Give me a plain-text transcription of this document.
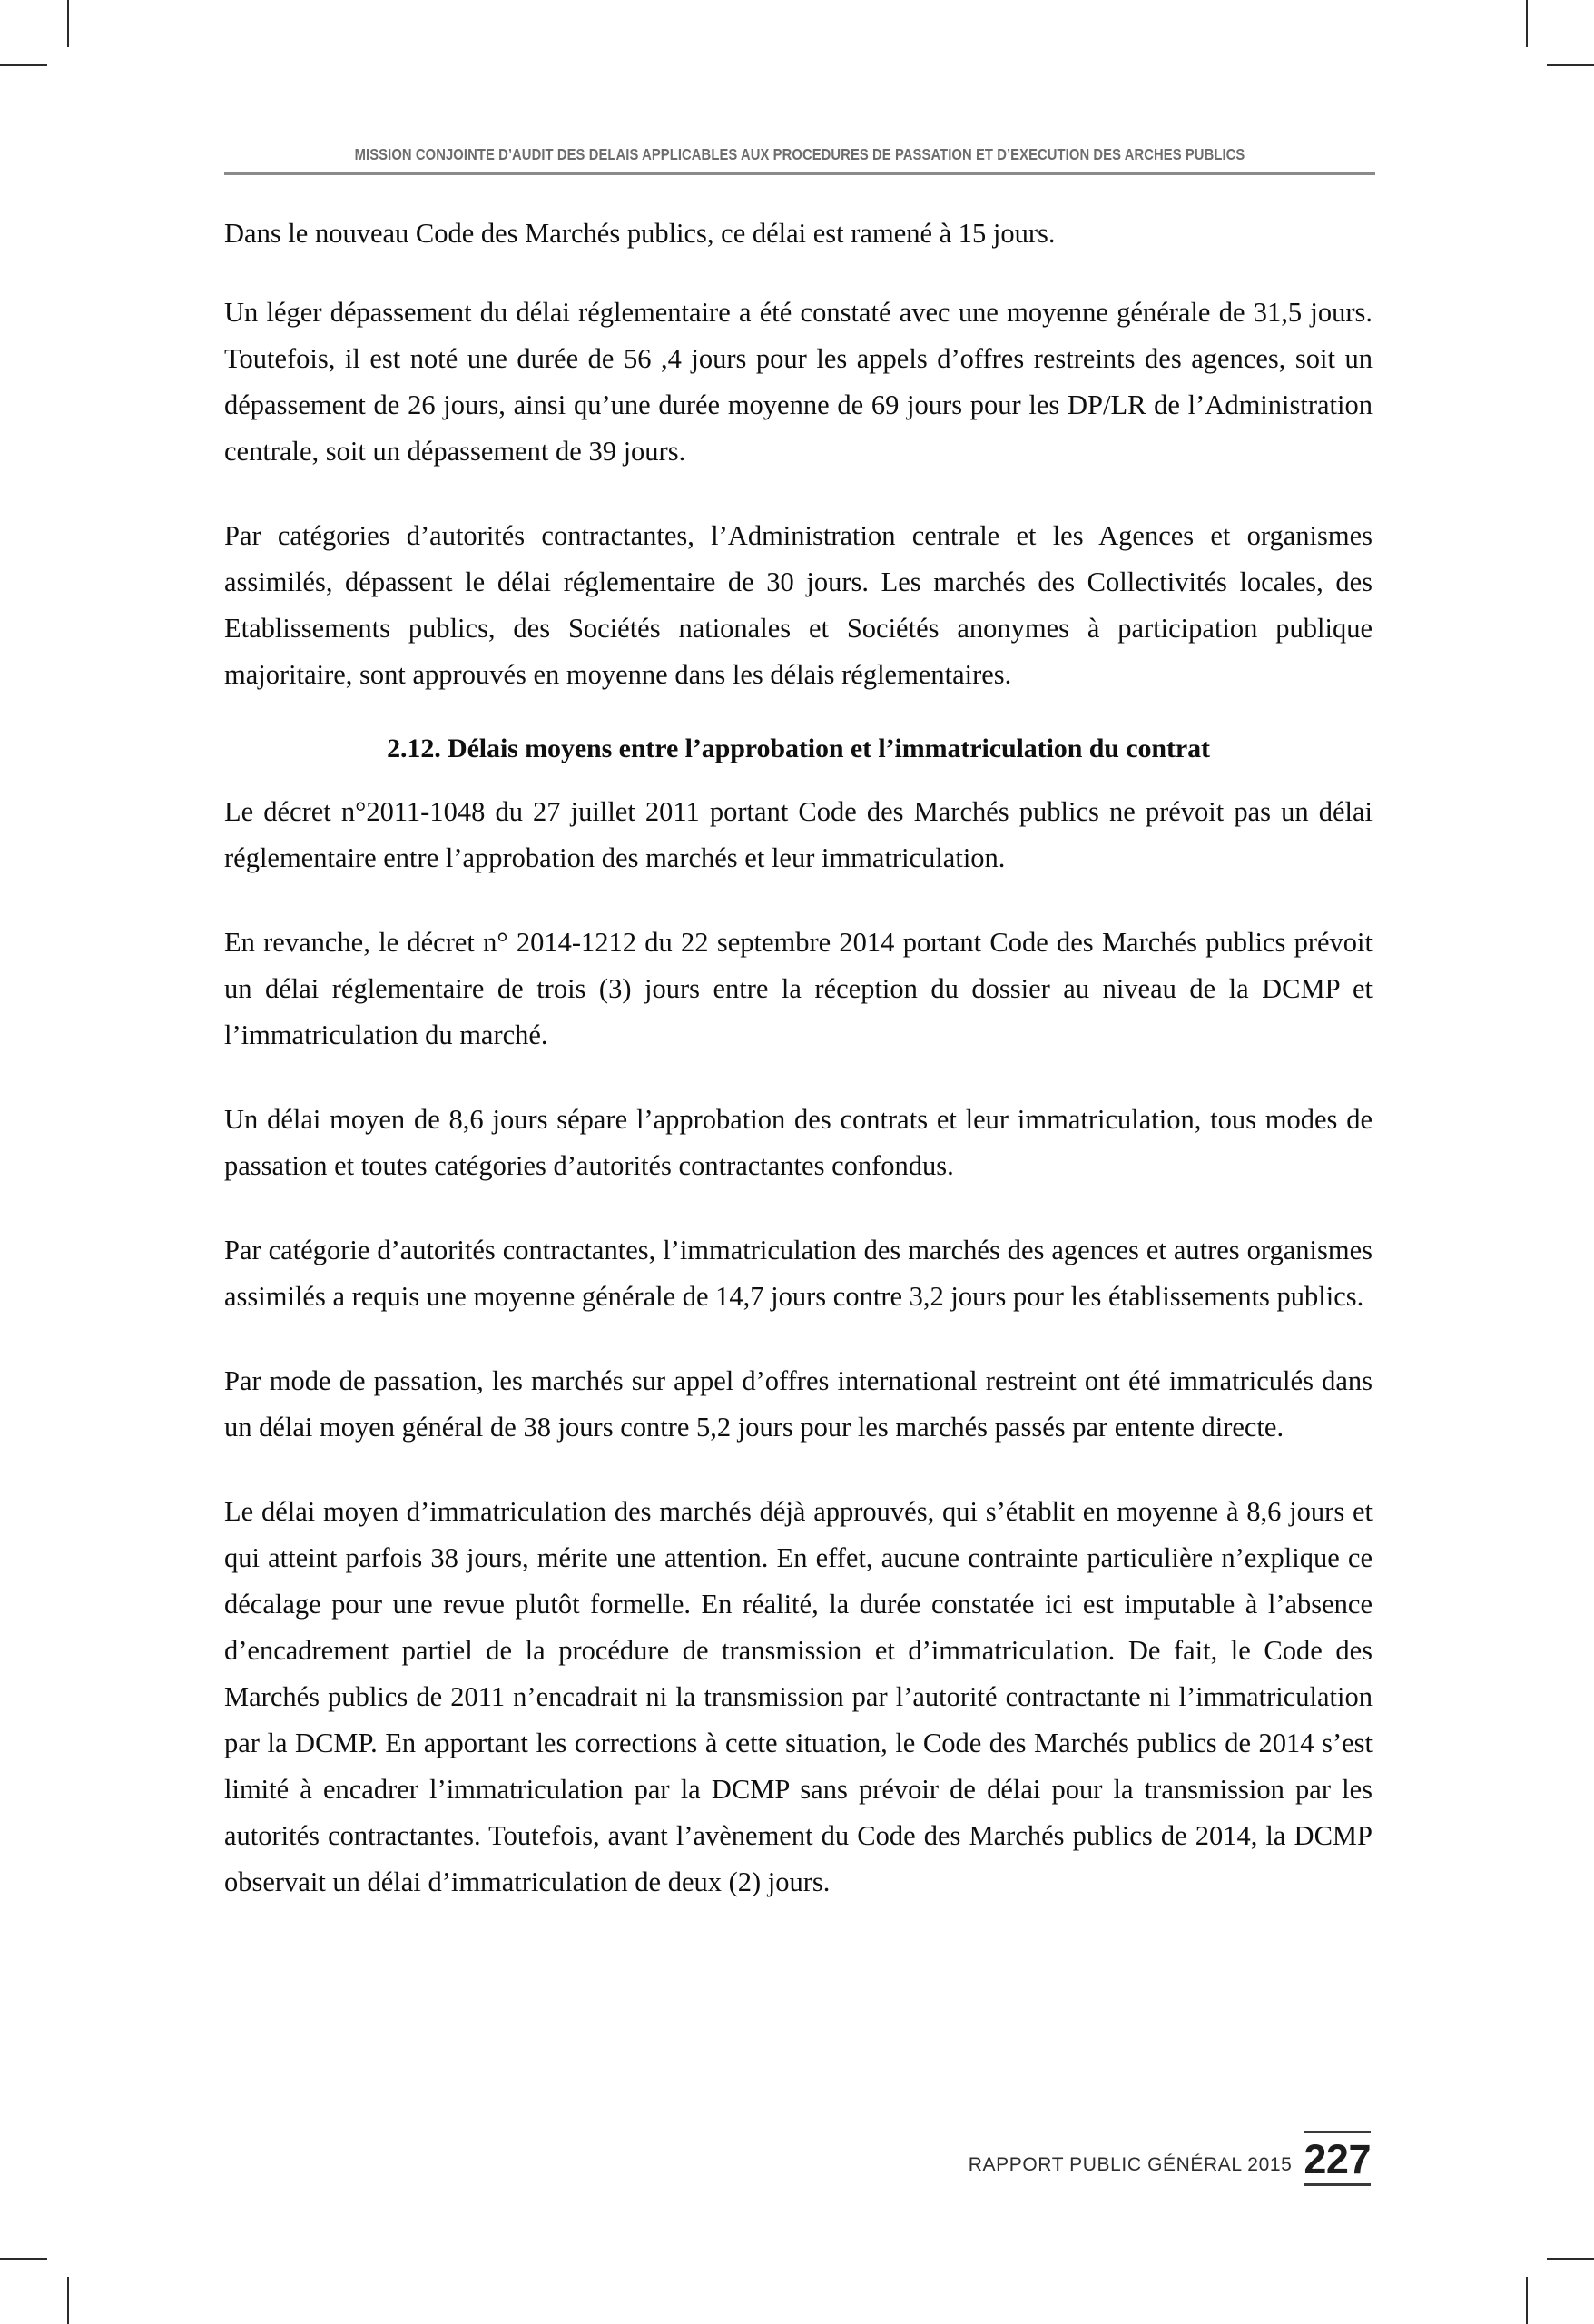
MISSION CONJOINTE D’AUDIT DES DELAIS APPLICABLES AUX PROCEDURES DE PASSATION ET D’EXECUTION DES ARCHES PUBLICS

Dans le nouveau Code des Marchés publics, ce délai est ramené à 15 jours.

Un léger dépassement du délai réglementaire a été constaté avec une moyenne générale de 31,5 jours. Toutefois, il est noté une durée de 56 ,4 jours pour les appels d’offres restreints des agences, soit un dépassement de 26 jours, ainsi qu’une durée moyenne de 69 jours pour les DP/LR de l’Administration centrale, soit un dépassement de 39 jours.

Par catégories d’autorités contractantes, l’Administration centrale et les Agences et organismes assimilés, dépassent le délai réglementaire de 30 jours. Les marchés des Collectivités locales, des Etablissements publics, des Sociétés nationales et Sociétés anonymes à participation publique majoritaire, sont approuvés en moyenne dans les délais réglementaires.

2.12. Délais moyens entre l’approbation et l’immatriculation du contrat

Le décret n°2011-1048 du 27 juillet 2011 portant Code des Marchés publics ne prévoit pas un délai réglementaire entre l’approbation des marchés et leur immatriculation.

En revanche, le décret n° 2014-1212 du 22 septembre 2014 portant Code des Marchés publics prévoit un délai réglementaire de trois (3) jours entre la réception du dossier au niveau de la DCMP et l’immatriculation du marché.

Un délai moyen de 8,6 jours sépare l’approbation des contrats et leur immatriculation, tous modes de passation et toutes catégories d’autorités contractantes confondus.

Par catégorie d’autorités contractantes, l’immatriculation des marchés des agences et autres organismes assimilés a requis une moyenne générale de 14,7 jours contre 3,2 jours pour les établissements publics.

Par mode de passation, les marchés sur appel d’offres international restreint ont été immatriculés dans un délai moyen général de 38 jours contre 5,2 jours pour les marchés passés par entente directe.

Le délai moyen d’immatriculation des marchés déjà approuvés, qui s’établit en moyenne à 8,6 jours et qui atteint parfois 38 jours, mérite une attention. En effet, aucune contrainte particulière n’explique ce décalage pour une revue plutôt formelle. En réalité, la durée constatée ici est imputable à l’absence d’encadrement partiel de la procédure de transmission et d’immatriculation. De fait, le Code des Marchés publics de 2011 n’encadrait ni la transmission par l’autorité contractante ni l’immatriculation par la DCMP. En apportant les corrections à cette situation, le Code des Marchés publics de 2014 s’est limité à encadrer l’immatriculation par la DCMP sans prévoir de délai pour la transmission par les autorités contractantes. Toutefois, avant l’avènement du Code des Marchés publics de 2014, la DCMP observait un délai d’immatriculation de deux (2) jours.

RAPPORT PUBLIC GÉNÉRAL 2015 227
